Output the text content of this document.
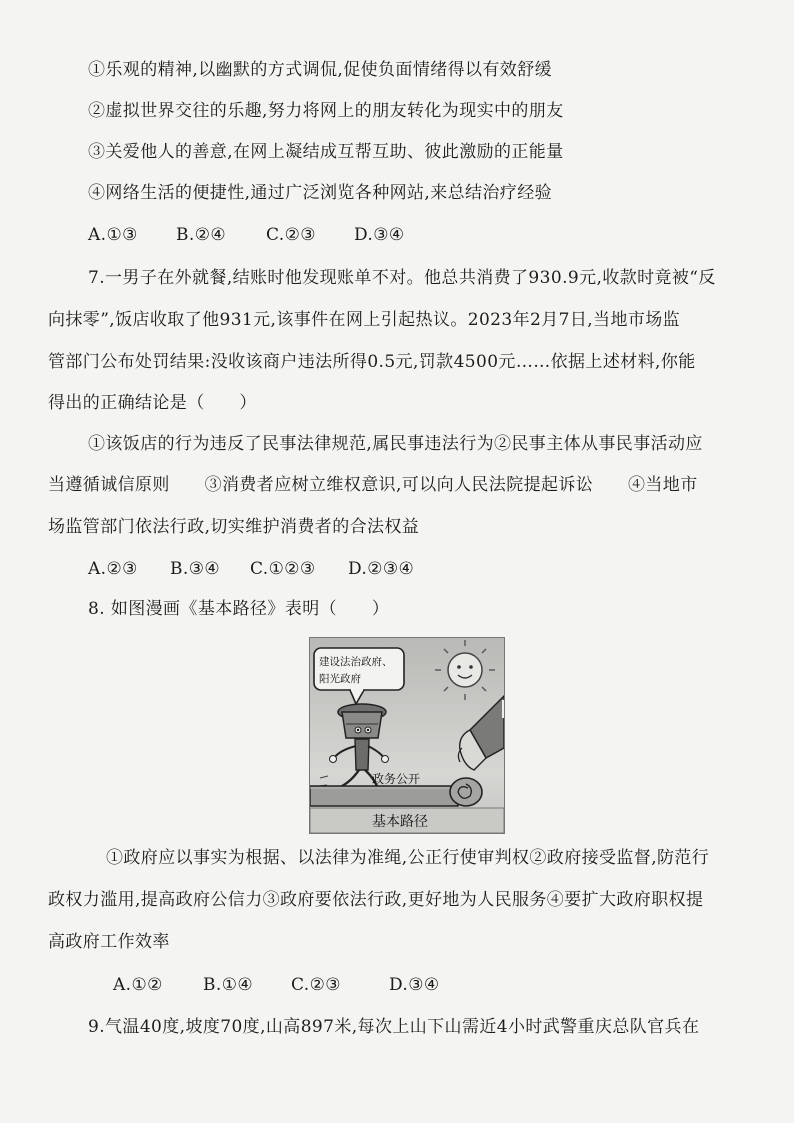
①乐观的精神,以幽默的方式调侃,促使负面情绪得以有效舒缓
②虚拟世界交往的乐趣,努力将网上的朋友转化为现实中的朋友
③关爱他人的善意,在网上凝结成互帮互助、彼此激励的正能量
④网络生活的便捷性,通过广泛浏览各种网站,来总结治疗经验
A.①③ B.②④ C.②③ D.③④
7.一男子在外就餐,结账时他发现账单不对。他总共消费了930.9元,收款时竟被“反
向抹零”,饭店收取了他931元,该事件在网上引起热议。2023年2月7日,当地市场监
管部门公布处罚结果:没收该商户违法所得0.5元,罚款4500元……依据上述材料,你能
得出的正确结论是（　　）
①该饭店的行为违反了民事法律规范,属民事违法行为②民事主体从事民事活动应
当遵循诚信原则　　③消费者应树立维权意识,可以向人民法院提起诉讼　　④当地市
场监管部门依法行政,切实维护消费者的合法权益
A.②③ B.③④ C.①②③ D.②③④
8. 如图漫画《基本路径》表明（　　）
建设法治政府、
阳光政府
政务公开
基本路径
①政府应以事实为根据、以法律为准绳,公正行使审判权②政府接受监督,防范行
政权力滥用,提高政府公信力③政府要依法行政,更好地为人民服务④要扩大政府职权提
高政府工作效率
A.①② B.①④ C.②③	D.③④
9.气温40度,坡度70度,山高897米,每次上山下山需近4小时武警重庆总队官兵在
